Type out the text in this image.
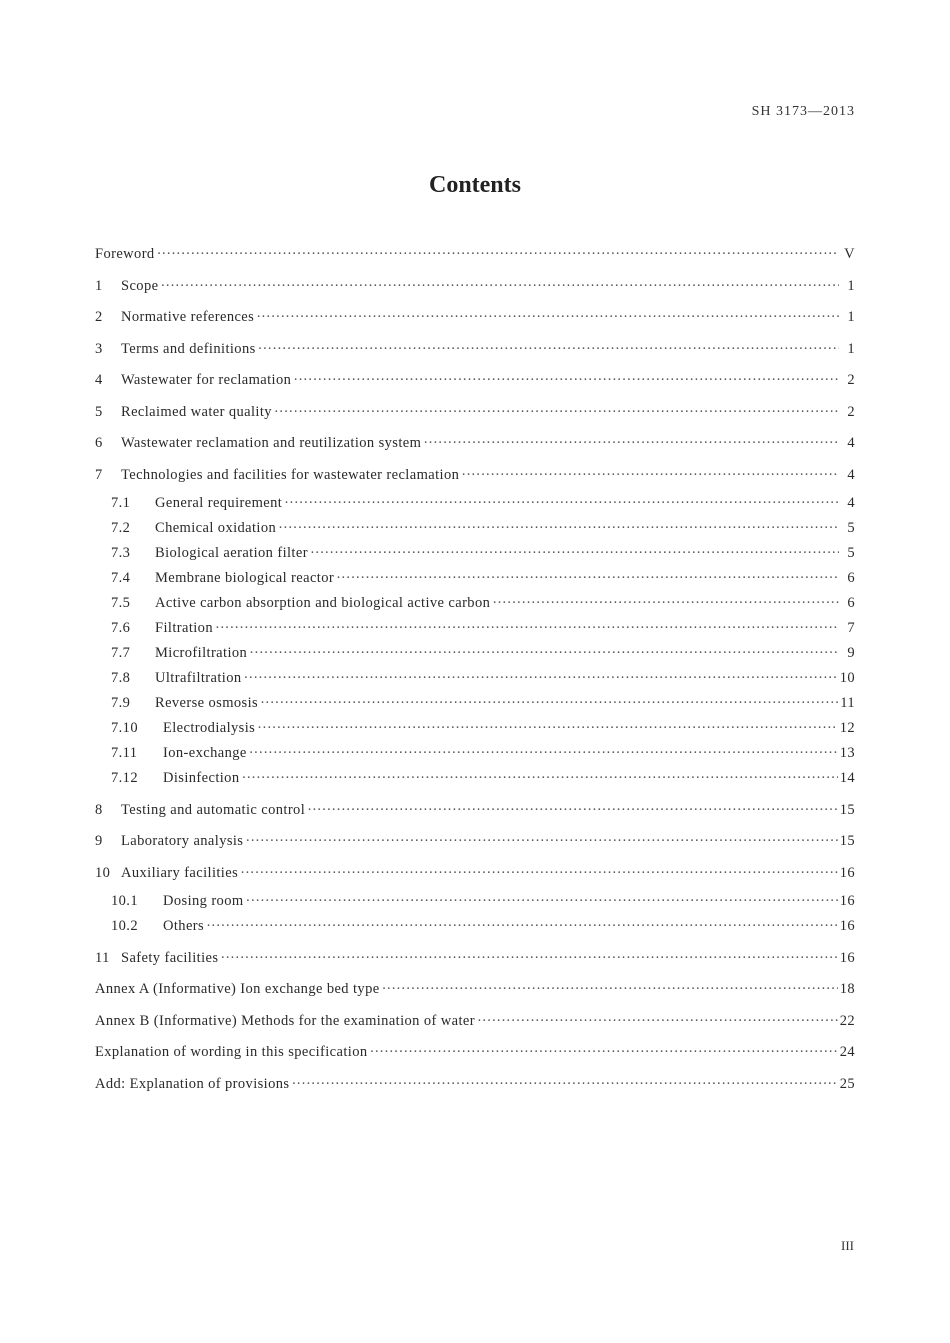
SH 3173—2013
Contents
Foreword ·····	V
1	Scope ·····	1
2	Normative references ·····	1
3	Terms and definitions ·····	1
4	Wastewater for reclamation ·····	2
5	Reclaimed water quality ·····	2
6	Wastewater reclamation and reutilization system ·····	4
7	Technologies and facilities for wastewater reclamation ·····	4
7.1	General requirement ·····	4
7.2	Chemical oxidation ·····	5
7.3	Biological aeration filter ·····	5
7.4	Membrane biological reactor ·····	6
7.5	Active carbon absorption and biological active carbon ·····	6
7.6	Filtration ·····	7
7.7	Microfiltration ·····	9
7.8	Ultrafiltration ·····	10
7.9	Reverse osmosis ·····	11
7.10	Electrodialysis ·····	12
7.11	Ion-exchange ·····	13
7.12	Disinfection ·····	14
8	Testing and automatic control ·····	15
9	Laboratory analysis ·····	15
10 Auxiliary facilities ·····	16
10.1	Dosing room ·····	16
10.2	Others ·····	16
11 Safety facilities ·····	16
Annex A (Informative) Ion exchange bed type ·····	18
Annex B (Informative) Methods for the examination of water ·····	22
Explanation of wording in this specification ·····	24
Add: Explanation of provisions ·····	25
III
